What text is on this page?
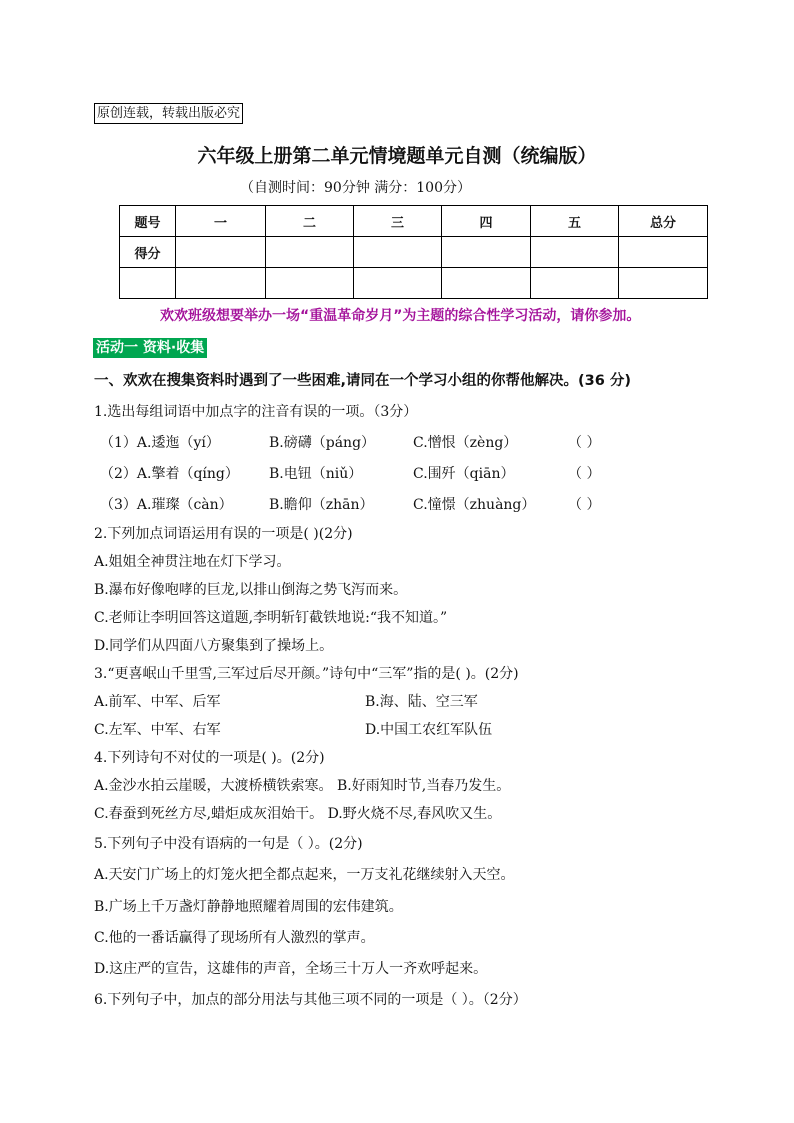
原创连载，转载出版必究
六年级上册第二单元情境题单元自测（统编版）
（自测时间：90分钟 满分：100分）
题号	一	二	三	四	五	总分
得分						

欢欢班级想要举办一场“重温革命岁月”为主题的综合性学习活动，请你参加。
活动一 资料·收集
一、欢欢在搜集资料时遇到了一些困难,请同在一个学习小组的你帮他解决。(36 分)
1.选出每组词语中加点字的注音有误的一项。（3分）
（1）A.逶迤（yí）	B.磅礴（páng）	C.憎恨（zèng）	（ ）
（2）A.擎着（qíng） B.电钮（niǔ）	C.围歼（qiān）	（ ）
（3）A.璀璨（càn）	B.瞻仰（zhān）	C.憧憬（zhuàng） （ ）
2.下列加点词语运用有误的一项是( )(2分)
A.姐姐全神贯注地在灯下学习。
B.瀑布好像咆哮的巨龙,以排山倒海之势飞泻而来。
C.老师让李明回答这道题,李明斩钉截铁地说:“我不知道。”
D.同学们从四面八方聚集到了操场上。
3.“更喜岷山千里雪,三军过后尽开颜。”诗句中“三军”指的是( )。(2分)
A.前军、中军、后军	B.海、陆、空三军
C.左军、中军、右军	D.中国工农红军队伍
4.下列诗句不对仗的一项是( )。(2分)
A.金沙水拍云崖暖，大渡桥横铁索寒。 B.好雨知时节,当春乃发生。
C.春蚕到死丝方尽,蜡炬成灰泪始干。 D.野火烧不尽,春风吹又生。
5.下列句子中没有语病的一句是（ ）。(2分)
A.天安门广场上的灯笼火把全都点起来，一万支礼花继续射入天空。
B.广场上千万盏灯静静地照耀着周围的宏伟建筑。
C.他的一番话赢得了现场所有人激烈的掌声。
D.这庄严的宣告，这雄伟的声音，全场三十万人一齐欢呼起来。
6.下列句子中，加点的部分用法与其他三项不同的一项是（ ）。（2分）
